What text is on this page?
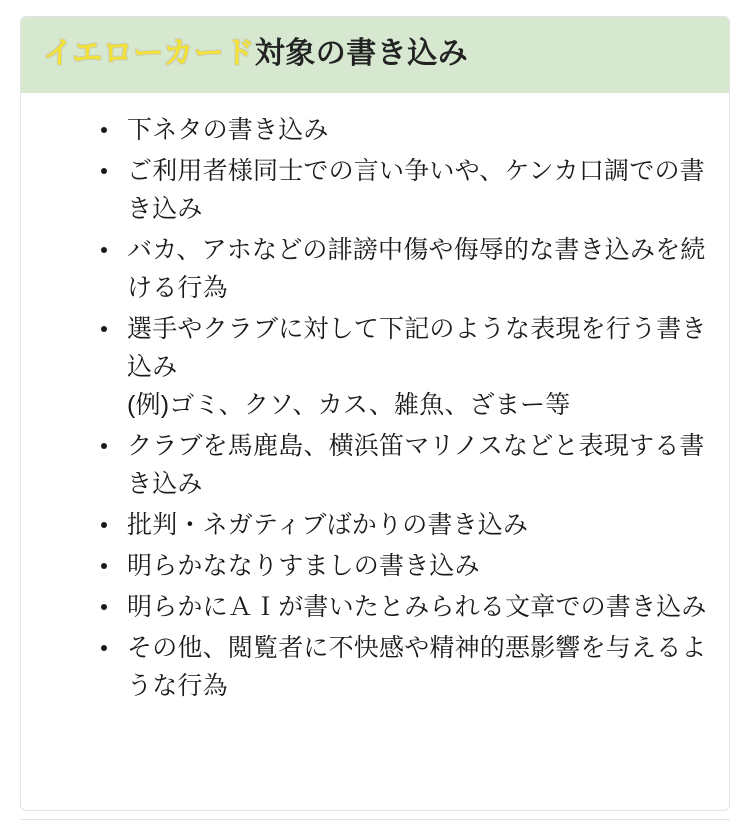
イエローカード対象の書き込み
下ネタの書き込み
ご利用者様同士での言い争いや、ケンカ口調での書き込み
バカ、アホなどの誹謗中傷や侮辱的な書き込みを続ける行為
選手やクラブに対して下記のような表現を行う書き込み
(例)ゴミ、クソ、カス、雑魚、ざまー等
クラブを馬鹿島、横浜笛マリノスなどと表現する書き込み
批判・ネガティブばかりの書き込み
明らかななりすましの書き込み
明らかにＡＩが書いたとみられる文章での書き込み
その他、閲覧者に不快感や精神的悪影響を与えるような行為
